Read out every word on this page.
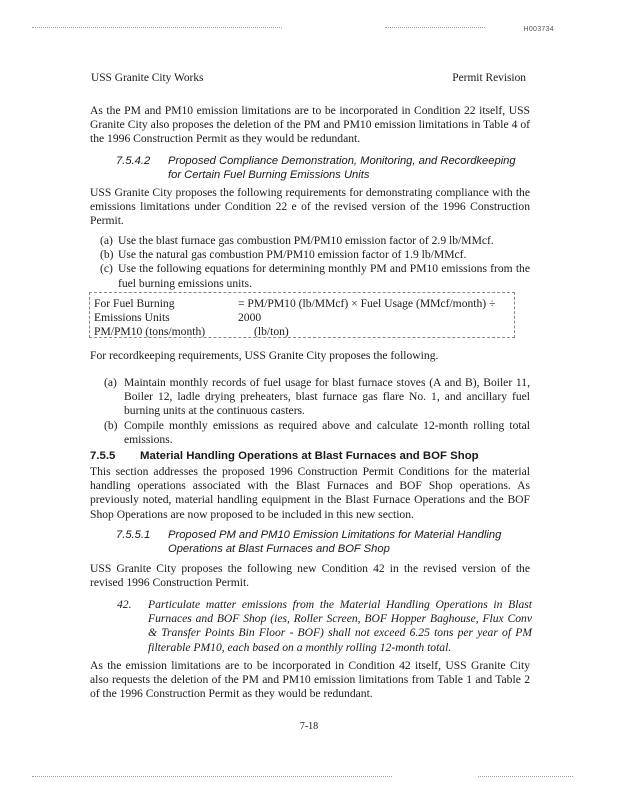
H003734
USS Granite City Works	Permit Revision
As the PM and PM10 emission limitations are to be incorporated in Condition 22 itself, USS Granite City also proposes the deletion of the PM and PM10 emission limitations in Table 4 of the 1996 Construction Permit as they would be redundant.
7.5.4.2 Proposed Compliance Demonstration, Monitoring, and Recordkeeping
for Certain Fuel Burning Emissions Units
USS Granite City proposes the following requirements for demonstrating compliance with the emissions limitations under Condition 22 e of the revised version of the 1996 Construction Permit.
(a) Use the blast furnace gas combustion PM/PM10 emission factor of 2.9 lb/MMcf.
(b) Use the natural gas combustion PM/PM10 emission factor of 1.9 lb/MMcf.
(c) Use the following equations for determining monthly PM and PM10 emissions from the fuel burning emissions units.
For Fuel Burning
Emissions Units
PM/PM10 (tons/month)
= PM/PM10 (lb/MMcf) × Fuel Usage (MMcf/month) ÷ 2000
(lb/ton)
For recordkeeping requirements, USS Granite City proposes the following.
(a) Maintain monthly records of fuel usage for blast furnace stoves (A and B), Boiler 11, Boiler 12, ladle drying preheaters, blast furnace gas flare No. 1, and ancillary fuel burning units at the continuous casters.
(b) Compile monthly emissions as required above and calculate 12-month rolling total emissions.
7.5.5 Material Handling Operations at Blast Furnaces and BOF Shop
This section addresses the proposed 1996 Construction Permit Conditions for the material handling operations associated with the Blast Furnaces and BOF Shop operations. As previously noted, material handling equipment in the Blast Furnace Operations and the BOF Shop Operations are now proposed to be included in this new section.
7.5.5.1 Proposed PM and PM10 Emission Limitations for Material Handling
Operations at Blast Furnaces and BOF Shop
USS Granite City proposes the following new Condition 42 in the revised version of the revised 1996 Construction Permit.
42.	Particulate matter emissions from the Material Handling Operations in Blast Furnaces and BOF Shop (ies, Roller Screen, BOF Hopper Baghouse, Flux Conv & Transfer Points Bin Floor - BOF) shall not exceed 6.25 tons per year of PM filterable PM10, each based on a monthly rolling 12-month total.
As the emission limitations are to be incorporated in Condition 42 itself, USS Granite City also requests the deletion of the PM and PM10 emission limitations from Table 1 and Table 2 of the 1996 Construction Permit as they would be redundant.
7-18
